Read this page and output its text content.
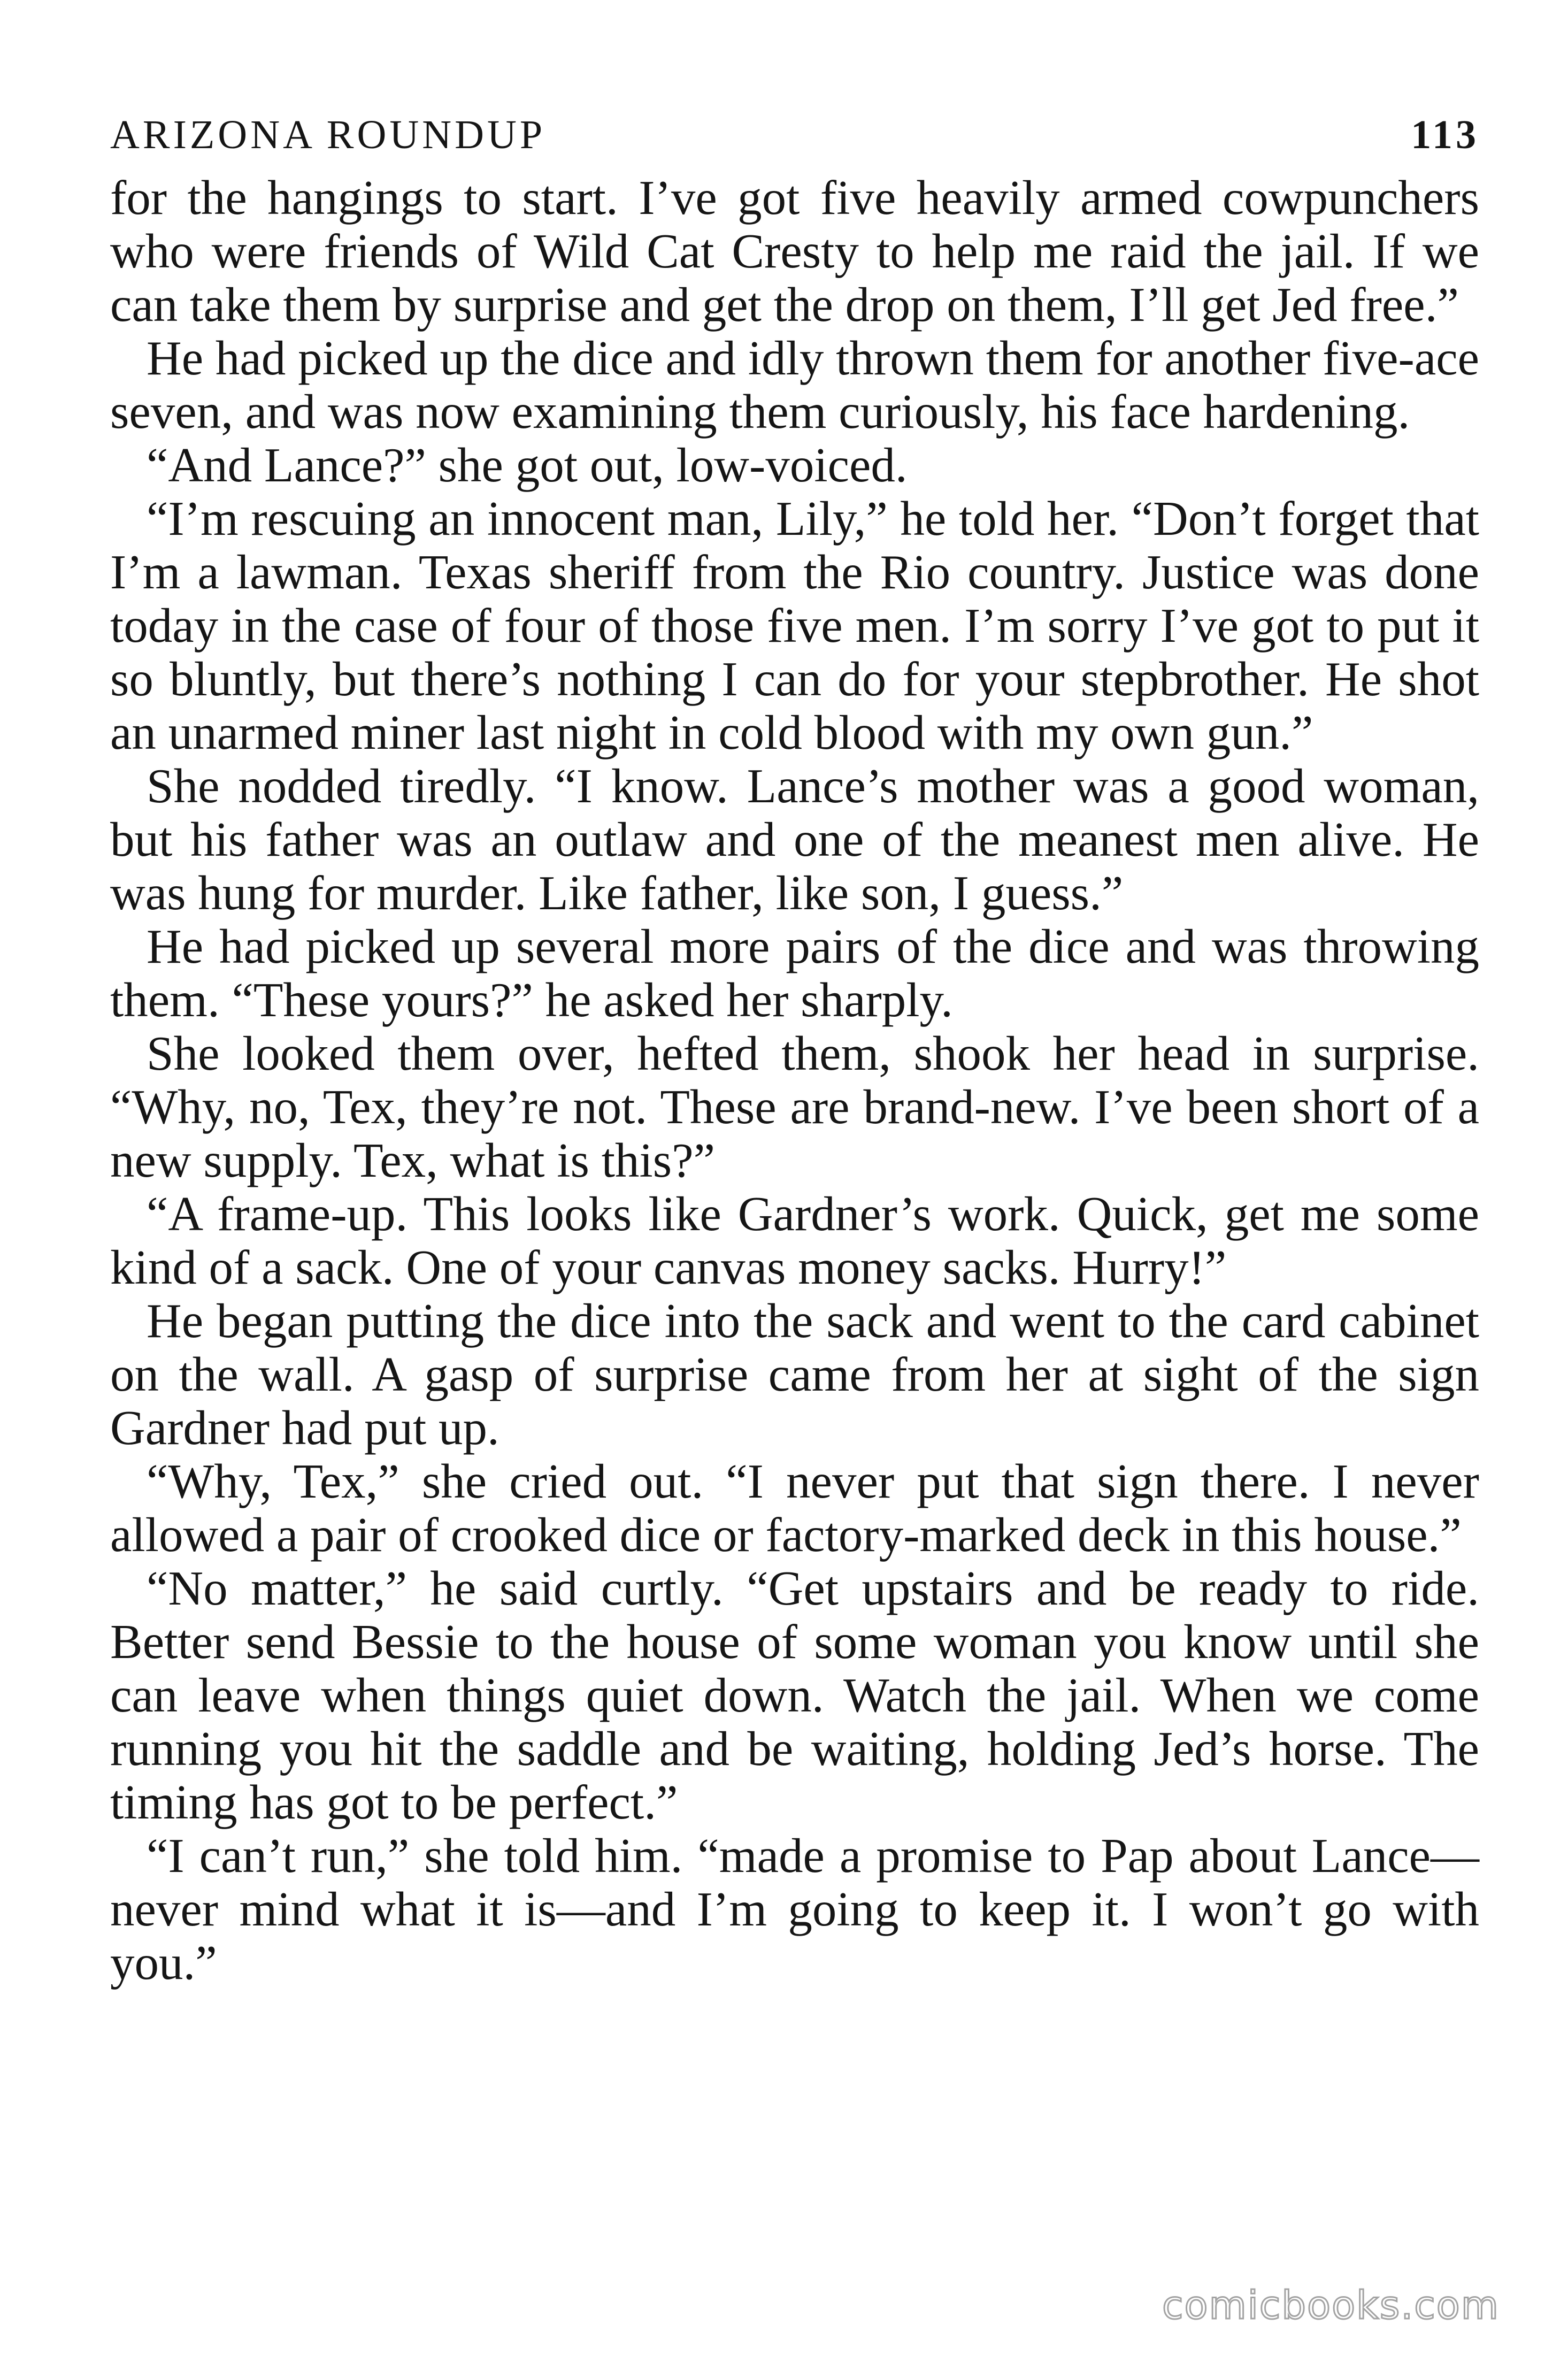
ARIZONA ROUNDUP	113

for the hangings to start. I’ve got five heavily armed cowpunchers who were friends of Wild Cat Cresty to help me raid the jail. If we can take them by surprise and get the drop on them, I’ll get Jed free.”

He had picked up the dice and idly thrown them for another five-ace seven, and was now examining them curiously, his face hardening.

“And Lance?” she got out, low-voiced.

“I’m rescuing an innocent man, Lily,” he told her. “Don’t forget that I’m a lawman. Texas sheriff from the Rio country. Justice was done today in the case of four of those five men. I’m sorry I’ve got to put it so bluntly, but there’s nothing I can do for your stepbrother. He shot an unarmed miner last night in cold blood with my own gun.”

She nodded tiredly. “I know. Lance’s mother was a good woman, but his father was an outlaw and one of the meanest men alive. He was hung for murder. Like father, like son, I guess.”

He had picked up several more pairs of the dice and was throwing them. “These yours?” he asked her sharply.

She looked them over, hefted them, shook her head in surprise. “Why, no, Tex, they’re not. These are brand-new. I’ve been short of a new supply. Tex, what is this?”

“A frame-up. This looks like Gardner’s work. Quick, get me some kind of a sack. One of your canvas money sacks. Hurry!”

He began putting the dice into the sack and went to the card cabinet on the wall. A gasp of surprise came from her at sight of the sign Gardner had put up.

“Why, Tex,” she cried out. “I never put that sign there. I never allowed a pair of crooked dice or factory-marked deck in this house.”

“No matter,” he said curtly. “Get upstairs and be ready to ride. Better send Bessie to the house of some woman you know until she can leave when things quiet down. Watch the jail. When we come running you hit the saddle and be waiting, holding Jed’s horse. The timing has got to be perfect.”

“I can’t run,” she told him. “made a promise to Pap about Lance—never mind what it is—and I’m going to keep it. I won’t go with you.”

comicbooks.com
